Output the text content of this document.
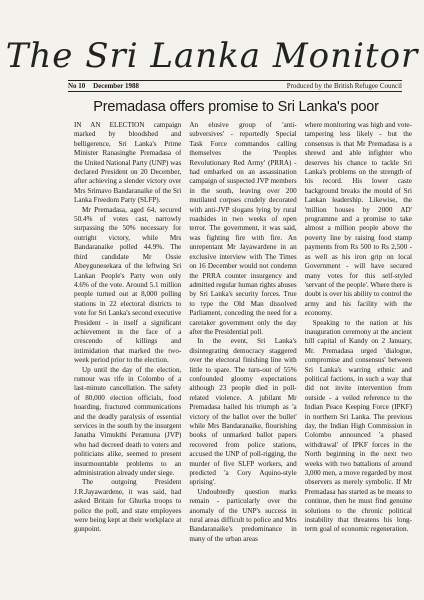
The Sri Lanka Monitor
No 10 December 1988	Produced by the British Refugee Council
Premadasa offers promise to Sri Lanka's poor

IN AN ELECTION campaign marked by bloodshed and belligerence, Sri Lanka's Prime Minister Ranasinghe Premadasa of the United National Party (UNP) was declared President on 20 December, after achieving a slender victory over Mrs Srimavo Bandaranaike of the Sri Lanka Freedom Party (SLFP).

Mr Premadasa, aged 64, secured 50.4% of votes cast, narrowly surpassing the 50% necessary for outright victory, while Mrs Bandaranaike polled 44.9%. The third candidate Mr Ossie Abeygunesekara of the leftwing Sri Lankan People's Party won only 4.6% of the vote. Around 5.1 million people turned out at 8,000 polling stations in 22 electoral districts to vote for Sri Lanka's second executive President - in itself a significant achievement in the face of a crescendo of killings and intimidation that marked the two-week period prior to the election.

Up until the day of the election, rumour was rife in Colombo of a last-minute cancellation. The safety of 80,000 election officials, food hoarding, fractured communications and the deadly paralysis of essential services in the south by the insurgent Janatha Vimukthi Peramuna (JVP) who had decreed death to voters and politicians alike, seemed to present insurmountable problems to an administration already under siege.

The outgoing President J.R.Jayawardene, it was said, had asked Britain for Ghurka troops to police the poll, and state employees were being kept at their workplace at gunpoint.

An elusive group of 'anti-subversives' - reportedly Special Task Force commandos calling themselves the 'Peoples Revolutionary Red Army' (PRRA) - had embarked on an assassination campaign of suspected JVP members in the south, leaving over 200 mutilated corpses crudely decorated with anti-JVP slogans lying by rural roadsides in two weeks of open terror. The government, it was said, was fighting fire with fire. An unrepentant Mr Jayawardene in an exclusive interview with The Times on 16 December would not condemn the PRRA counter insurgency and admitted regular human rights abuses by Sri Lanka's security forces. True to type the Old Man dissolved Parliament, conceding the need for a caretaker government only the day after the Presidential poll.

In the event, Sri Lanka's disintegrating democracy staggered over the electoral finishing line with little to spare. The turn-out of 55% confounded gloomy expectations although 23 people died in poll-related violence. A jubilant Mr Premadasa hailed his triumph as 'a victory of the ballot over the bullet' while Mrs Bandaranaike, flourishing books of unmarked ballot papers recovered from police stations, accused the UNP of poll-rigging, the murder of five SLFP workers, and predicted 'a Cory Aquino-style uprising'.

Undoubtedly question marks remain - particularly over the anomaly of the UNP's success in rural areas difficult to police and Mrs Bandaranaike's predominance in many of the urban areas

where monitoring was high and vote-tampering less likely - but the consensus is that Mr Premadasa is a shrewd and able infighter who deserves his chance to tackle Sri Lanka's problems on the strength of his record. His lower caste background breaks the mould of Sri Lankan leadership. Likewise, the 'million houses by 2000 AD' programme and a promise to take almost a million people above the poverty line by raising food stamp payments from Rs 500 to Rs 2,500 - as well as his iron grip on local Government - will have secured many votes for this self-styled 'servant of the people'. Where there is doubt is over his ability to control the army and his facility with the economy.

Speaking to the nation at his inauguration ceremony at the ancient hill capital of Kandy on 2 January, Mr. Premadasa urged 'dialogue, compromise and consensus' between Sri Lanka's warring ethnic and political factions, in such a way that did not invite intervention from outside - a veiled reference to the Indian Peace Keeping Force (IPKF) in northern Sri Lanka. The previous day, the Indian High Commission in Colombo announced 'a phased withdrawal' of IPKF forces in the North beginning in the next two weeks with two battalions of around 3,000 men, a move regarded by most observers as merely symbolic. If Mr Premadasa has started as he means to continue, then he must find genuine solutions to the chronic political instability that threatens his long-term goal of economic regeneration.
